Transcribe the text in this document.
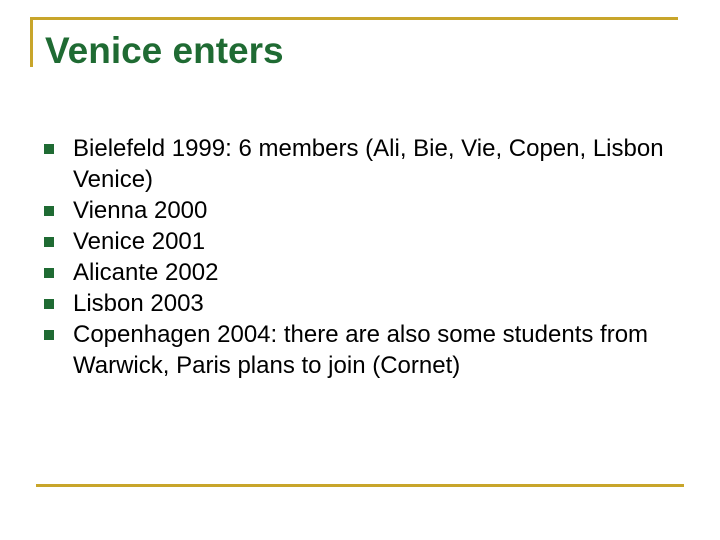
Venice enters
Bielefeld 1999: 6 members (Ali, Bie, Vie, Copen, Lisbon Venice)
Vienna 2000
Venice 2001
Alicante 2002
Lisbon 2003
Copenhagen 2004: there are also some students from Warwick, Paris plans to join (Cornet)
